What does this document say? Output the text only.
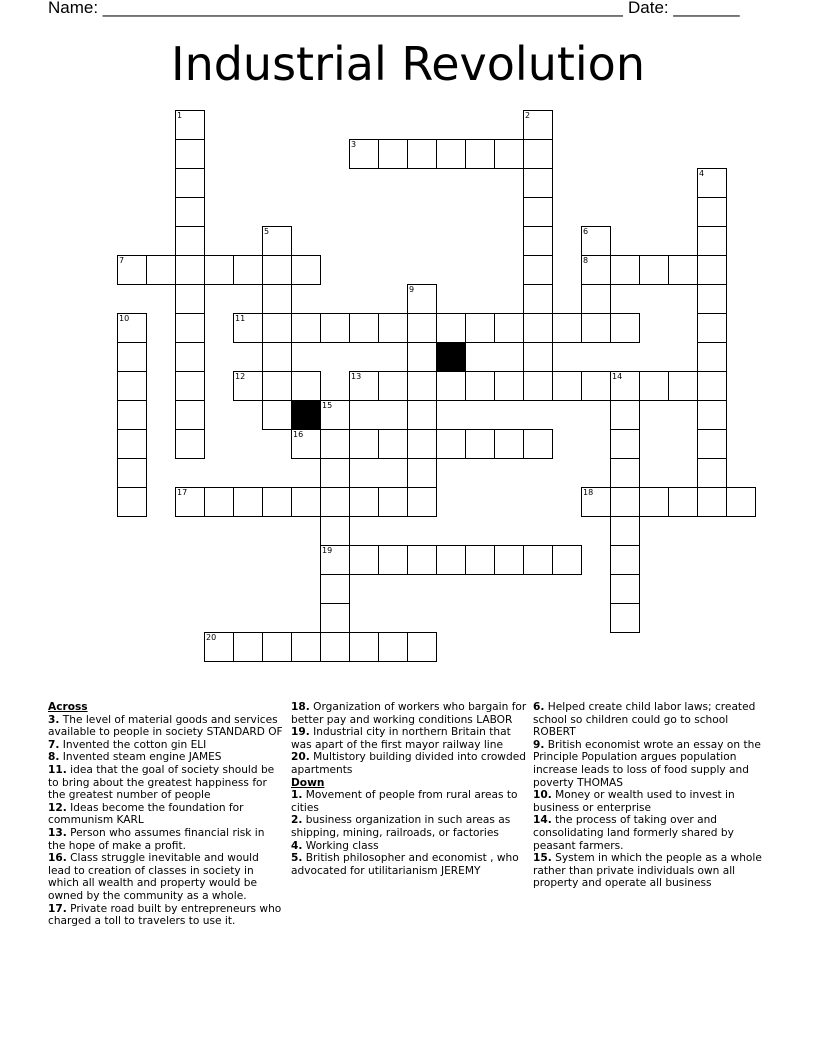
Name: _______________________________________________________ Date: _______
Industrial Revolution
1	2
3
4
5	6
8
7
9
10	11
12	13	14
15
19
16
17	18
20
Across
3. The level of material goods and services available to people in society STANDARD OF
7. Invented the cotton gin ELI
8. Invented steam engine JAMES
11. idea that the goal of society should be to bring about the greatest happiness for the greatest number of people
12. Ideas become the foundation for communism KARL
13. Person who assumes financial risk in the hope of make a profit.
16. Class struggle inevitable and would lead to creation of classes in society in which all wealth and property would be owned by the community as a whole.
17. Private road built by entrepreneurs who charged a toll to travelers to use it.
18. Organization of workers who bargain for better pay and working conditions LABOR
19. Industrial city in northern Britain that was apart of the first mayor railway line
20. Multistory building divided into crowded apartments
Down
1. Movement of people from rural areas to cities
2. business organization in such areas as shipping, mining, railroads, or factories
4. Working class
5. British philosopher and economist , who advocated for utilitarianism JEREMY
6. Helped create child labor laws; created school so children could go to school ROBERT
9. British economist wrote an essay on the Principle Population argues population increase leads to loss of food supply and poverty THOMAS
10. Money or wealth used to invest in business or enterprise
14. the process of taking over and consolidating land formerly shared by peasant farmers.
15. System in which the people as a whole rather than private individuals own all property and operate all business
